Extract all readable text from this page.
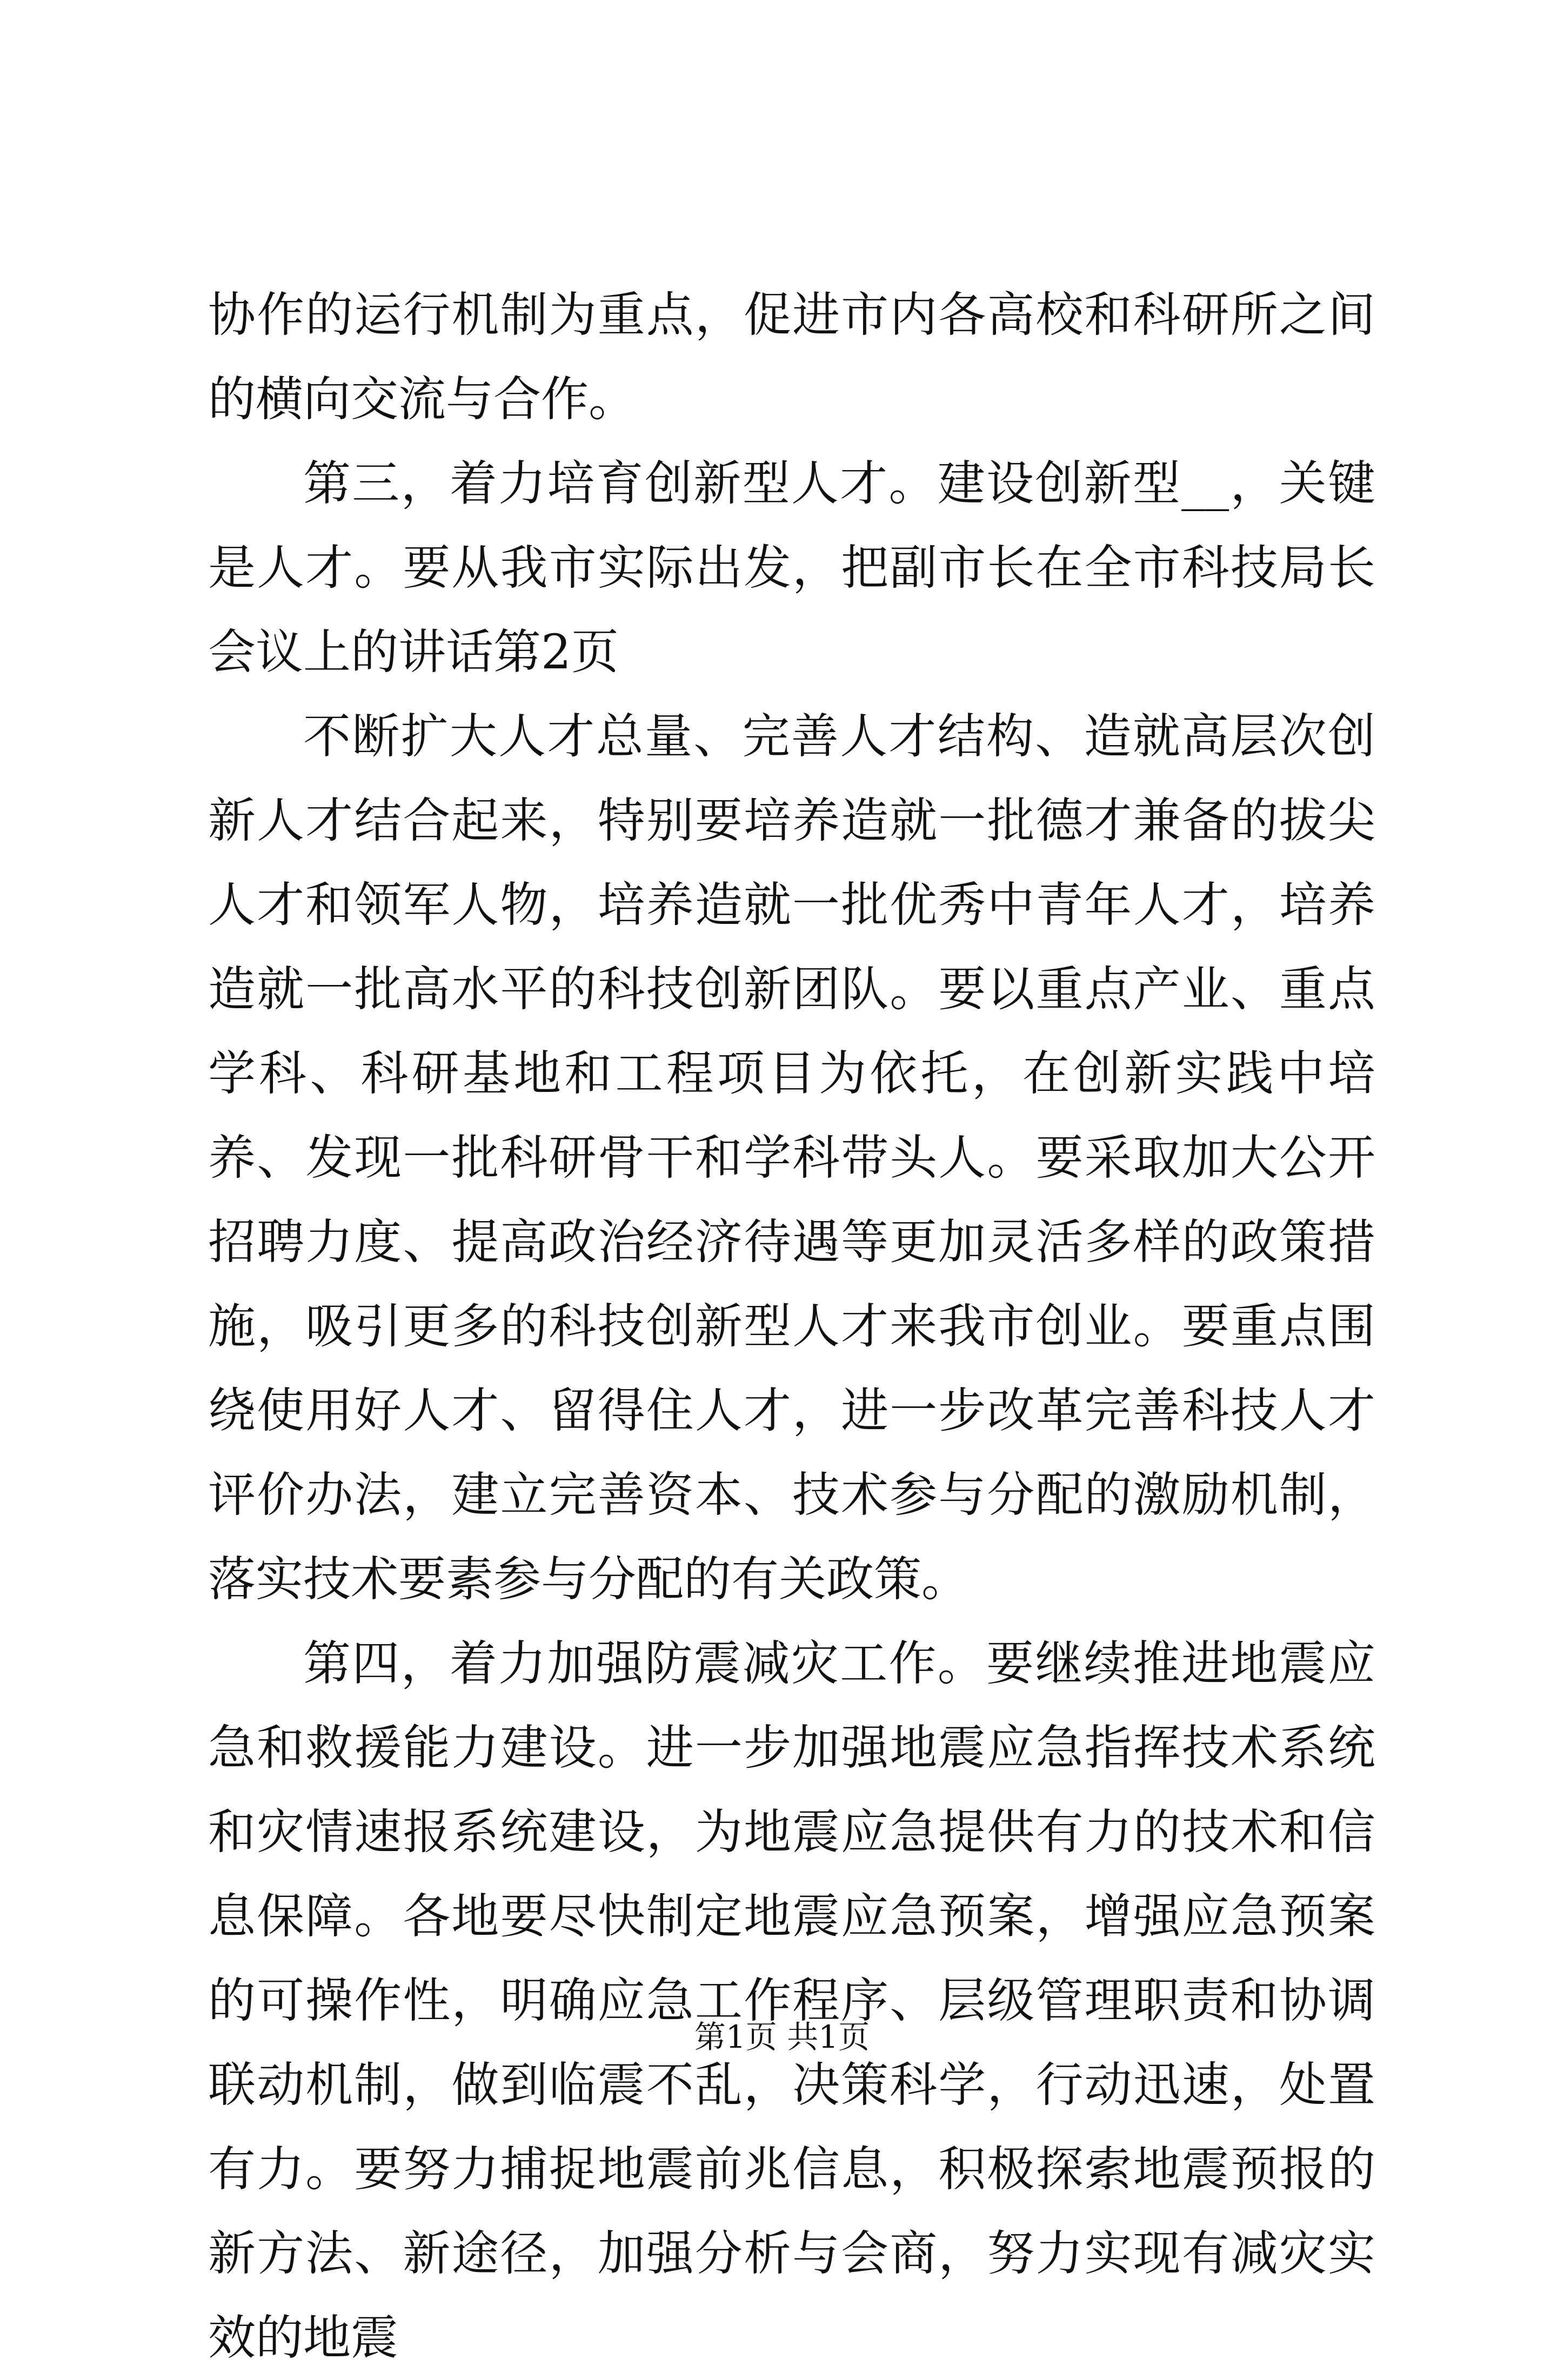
协作的运行机制为重点，促进市内各高校和科研所之间的横向交流与合作。

第三，着力培育创新型人才。建设创新型__，关键是人才。要从我市实际出发，把副市长在全市科技局长会议上的讲话第2页

不断扩大人才总量、完善人才结构、造就高层次创新人才结合起来，特别要培养造就一批德才兼备的拔尖人才和领军人物，培养造就一批优秀中青年人才，培养造就一批高水平的科技创新团队。要以重点产业、重点学科、科研基地和工程项目为依托，在创新实践中培养、发现一批科研骨干和学科带头人。要采取加大公开招聘力度、提高政治经济待遇等更加灵活多样的政策措施，吸引更多的科技创新型人才来我市创业。要重点围绕使用好人才、留得住人才，进一步改革完善科技人才评价办法，建立完善资本、技术参与分配的激励机制，落实技术要素参与分配的有关政策。

第四，着力加强防震减灾工作。要继续推进地震应急和救援能力建设。进一步加强地震应急指挥技术系统和灾情速报系统建设，为地震应急提供有力的技术和信息保障。各地要尽快制定地震应急预案，增强应急预案的可操作性，明确应急工作程序、层级管理职责和协调联动机制，做到临震不乱，决策科学，行动迅速，处置有力。要努力捕捉地震前兆信息，积极探索地震预报的新方法、新途径，加强分析与会商，努力实现有减灾实效的地震

第1页 共1页
